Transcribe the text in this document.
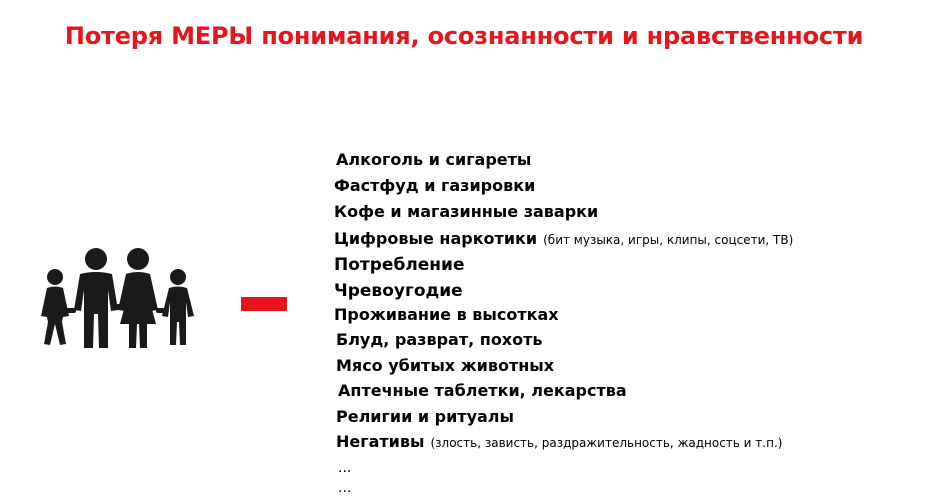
Потеря МЕРЫ понимания, осознанности и нравственности
Алкоголь и сигареты
Фастфуд и газировки
Кофе и магазинные заварки
Цифровые наркотики (бит музыка, игры, клипы, соцсети, ТВ)
Потребление
Чревоугодие
Проживание в высотках
Блуд, разврат, похоть
Мясо убитых животных
Аптечные таблетки, лекарства
Религии и ритуалы
Негативы (злость, зависть, раздражительность, жадность и т.п.)
...
...
